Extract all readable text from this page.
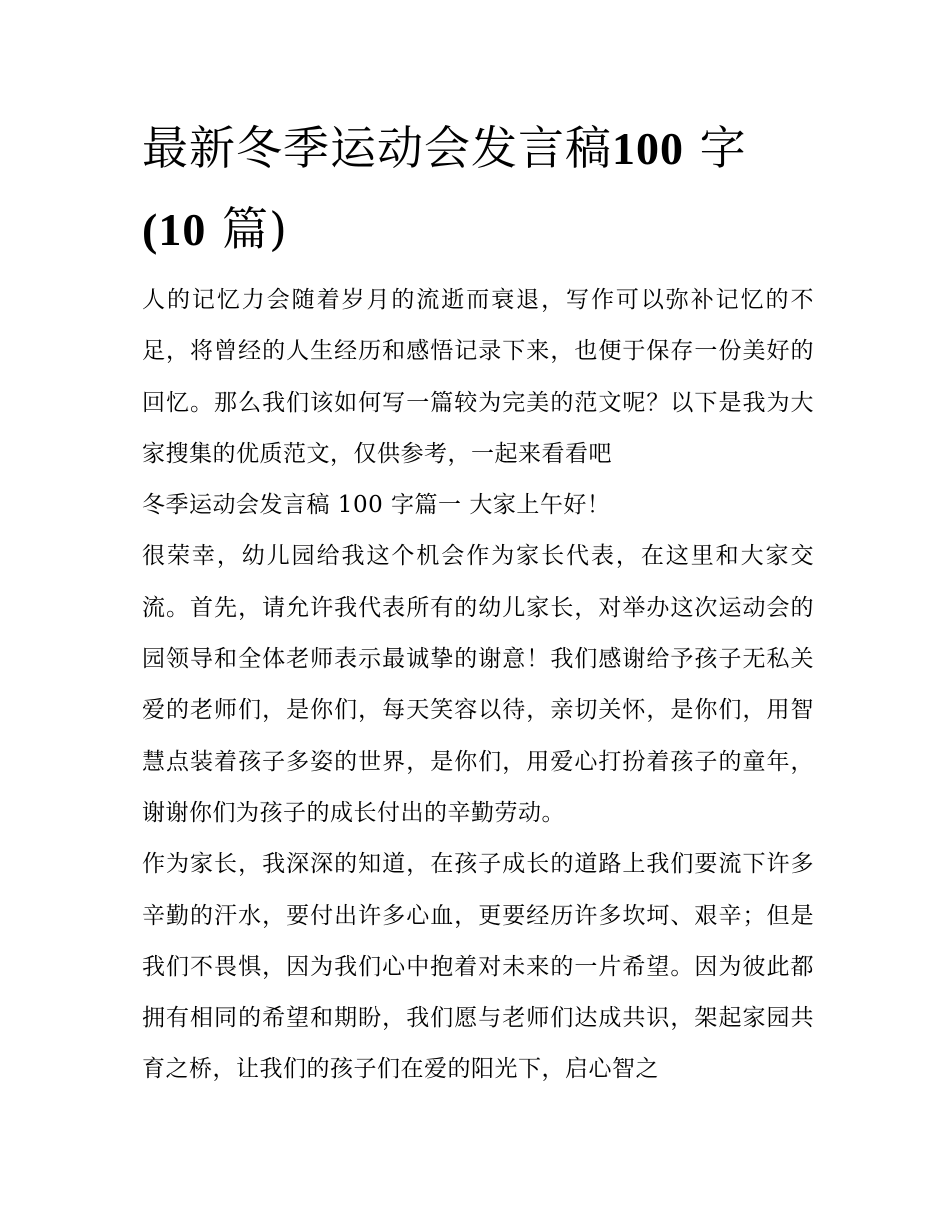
最新冬季运动会发言稿100 字
(10 篇)

人的记忆力会随着岁月的流逝而衰退，写作可以弥补记忆的不足，将曾经的人生经历和感悟记录下来，也便于保存一份美好的回忆。那么我们该如何写一篇较为完美的范文呢？以下是我为大家搜集的优质范文，仅供参考，一起来看看吧

冬季运动会发言稿 100 字篇一 大家上午好！

很荣幸，幼儿园给我这个机会作为家长代表，在这里和大家交流。首先，请允许我代表所有的幼儿家长，对举办这次运动会的园领导和全体老师表示最诚挚的谢意！我们感谢给予孩子无私关爱的老师们，是你们，每天笑容以待，亲切关怀，是你们，用智慧点装着孩子多姿的世界，是你们，用爱心打扮着孩子的童年，谢谢你们为孩子的成长付出的辛勤劳动。

作为家长，我深深的知道，在孩子成长的道路上我们要流下许多辛勤的汗水，要付出许多心血，更要经历许多坎坷、艰辛；但是我们不畏惧，因为我们心中抱着对未来的一片希望。因为彼此都拥有相同的希望和期盼，我们愿与老师们达成共识，架起家园共育之桥，让我们的孩子们在爱的阳光下，启心智之
